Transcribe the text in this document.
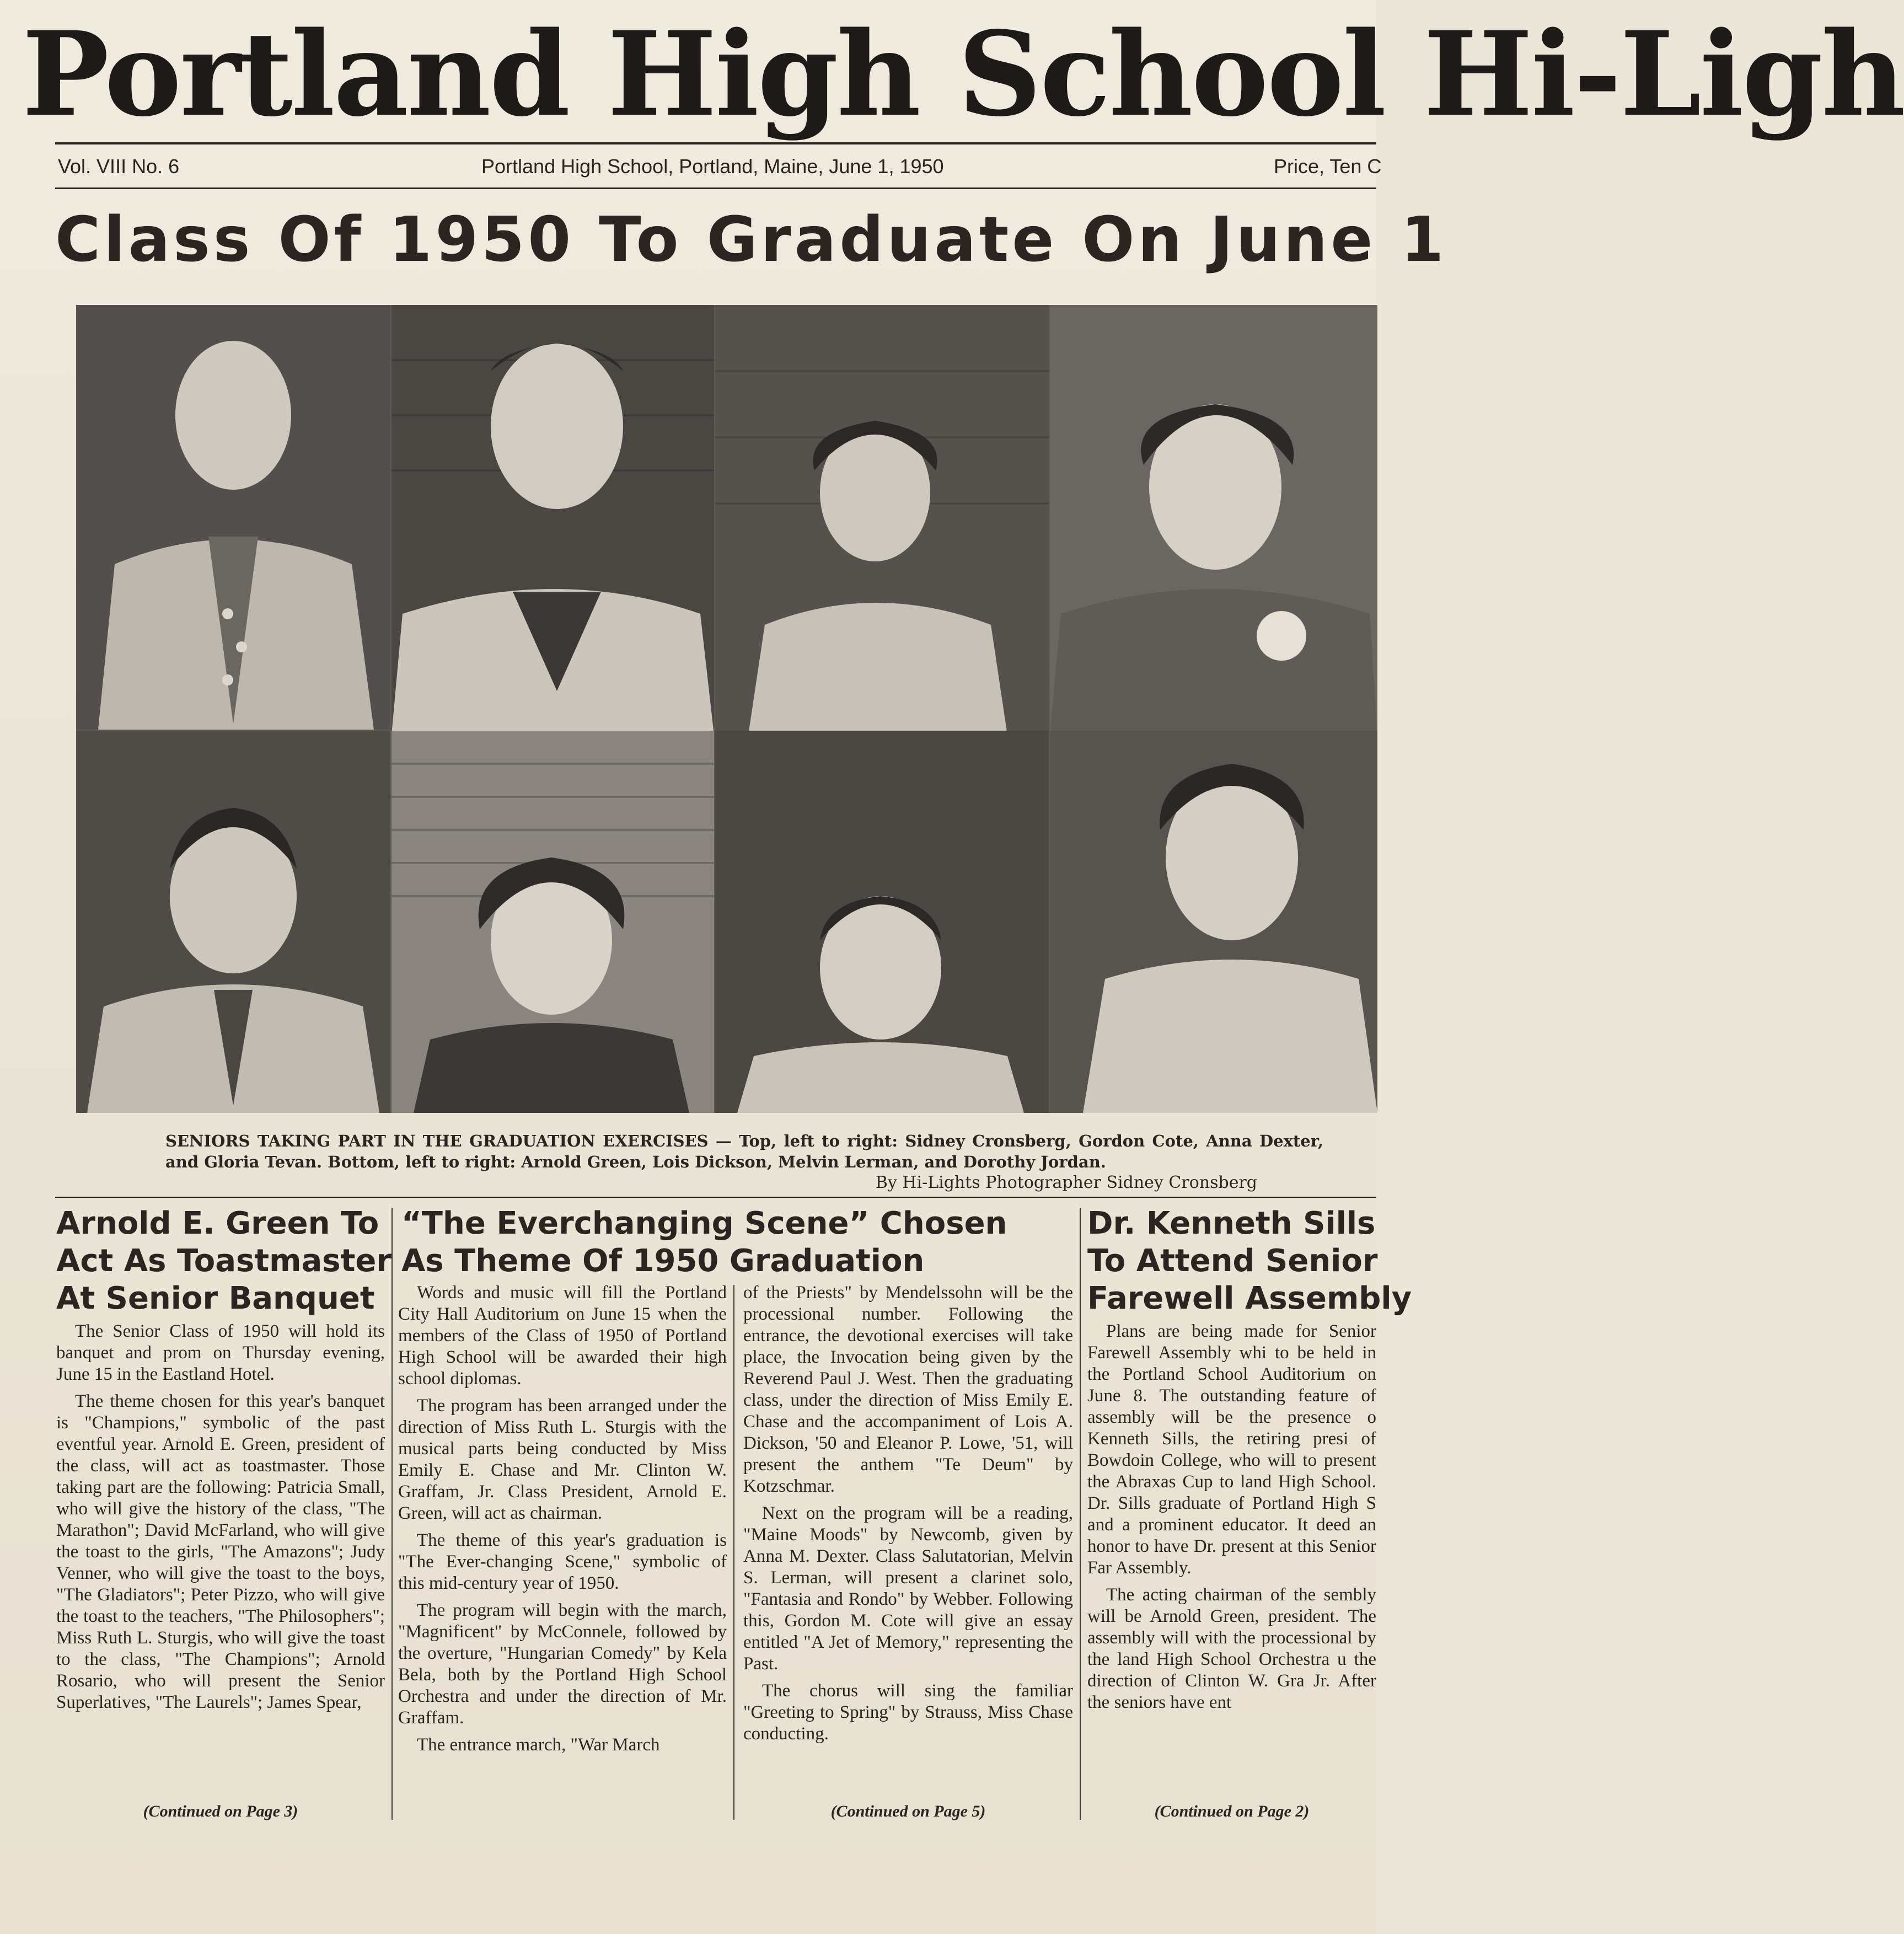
Portland High School Hi-Ligh
Vol. VIII No. 6	Portland High School, Portland, Maine, June 1, 1950	Price, Ten C
Class Of 1950 To Graduate On June 1
SENIORS TAKING PART IN THE GRADUATION EXERCISES — Top, left to right: Sidney Cronsberg, Gordon Cote, Anna Dexter, and Gloria Tevan. Bottom, left to right: Arnold Green, Lois Dickson, Melvin Lerman, and Dorothy Jordan.
By Hi-Lights Photographer Sidney Cronsberg
Arnold E. Green To
Act As Toastmaster
At Senior Banquet

The Senior Class of 1950 will hold its banquet and prom on Thursday evening, June 15 in the Eastland Hotel.

The theme chosen for this year's banquet is "Champions," symbolic of the past eventful year. Arnold E. Green, president of the class, will act as toastmaster. Those taking part are the following: Patricia Small, who will give the history of the class, "The Marathon"; David McFarland, who will give the toast to the girls, "The Amazons"; Judy Venner, who will give the toast to the boys, "The Gladiators"; Peter Pizzo, who will give the toast to the teachers, "The Philosophers"; Miss Ruth L. Sturgis, who will give the toast to the class, "The Champions"; Arnold Rosario, who will present the Senior Superlatives, "The Laurels"; James Spear,

(Continued on Page 3)
“The Everchanging Scene” Chosen
As Theme Of 1950 Graduation

Words and music will fill the Portland City Hall Auditorium on June 15 when the members of the Class of 1950 of Portland High School will be awarded their high school diplomas.

The program has been arranged under the direction of Miss Ruth L. Sturgis with the musical parts being conducted by Miss Emily E. Chase and Mr. Clinton W. Graffam, Jr. Class President, Arnold E. Green, will act as chairman.

The theme of this year's graduation is "The Ever-changing Scene," symbolic of this mid-century year of 1950.

The program will begin with the march, "Magnificent" by McConnele, followed by the overture, "Hungarian Comedy" by Kela Bela, both by the Portland High School Orchestra and under the direction of Mr. Graffam.

The entrance march, "War March

of the Priests" by Mendelssohn will be the processional number. Following the entrance, the devotional exercises will take place, the Invocation being given by the Reverend Paul J. West. Then the graduating class, under the direction of Miss Emily E. Chase and the accompaniment of Lois A. Dickson, '50 and Eleanor P. Lowe, '51, will present the anthem "Te Deum" by Kotzschmar.

Next on the program will be a reading, "Maine Moods" by Newcomb, given by Anna M. Dexter. Class Salutatorian, Melvin S. Lerman, will present a clarinet solo, "Fantasia and Rondo" by Webber. Following this, Gordon M. Cote will give an essay entitled "A Jet of Memory," representing the Past.

The chorus will sing the familiar "Greeting to Spring" by Strauss, Miss Chase conducting.

(Continued on Page 5)
Dr. Kenneth Sills
To Attend Senior
Farewell Assembly

Plans are being made for Senior Farewell Assembly whi to be held in the Portland School Auditorium on June 8. The outstanding feature of assembly will be the presence o Kenneth Sills, the retiring presi of Bowdoin College, who will to present the Abraxas Cup to land High School. Dr. Sills graduate of Portland High S and a prominent educator. It deed an honor to have Dr. present at this Senior Far Assembly.

The acting chairman of the sembly will be Arnold Green, president. The assembly will with the processional by the land High School Orchestra u the direction of Clinton W. Gra Jr. After the seniors have ent

(Continued on Page 2)
